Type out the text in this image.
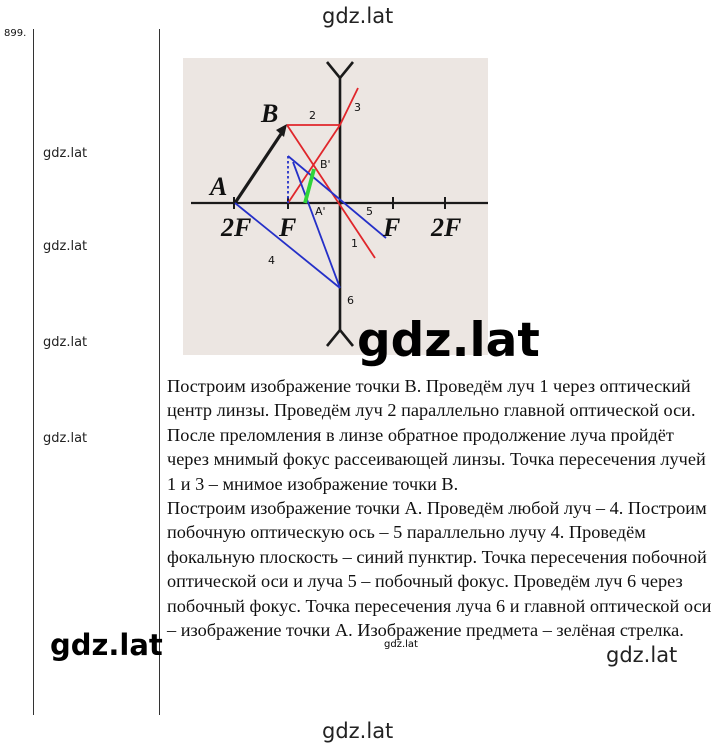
899.
gdz.lat
gdz.lat
gdz.lat
gdz.lat
gdz.lat
B
A
2F F	F 2F
B'
A'
2
3
5
1
4
6

Построим изображение точки В. Проведём луч 1 через оптический центр линзы. Проведём луч 2 параллельно главной оптической оси. После преломления в линзе обратное продолжение луча пройдёт через мнимый фокус рассеивающей линзы. Точка пересечения лучей 1 и 3 – мнимое изображение точки В.

Построим изображение точки А. Проведём любой луч – 4. Построим побочную оптическую ось – 5 параллельно лучу 4. Проведём фокальную плоскость – синий пунктир. Точка пересечения побочной оптической оси и луча 5 – побочный фокус. Проведём луч 6 через побочный фокус. Точка пересечения луча 6 и главной оптической оси – изображение точки А. Изображение предмета – зелёная стрелка.

gdz.lat
gdz.lat	gdz.lat
gdz.lat
gdz.lat
